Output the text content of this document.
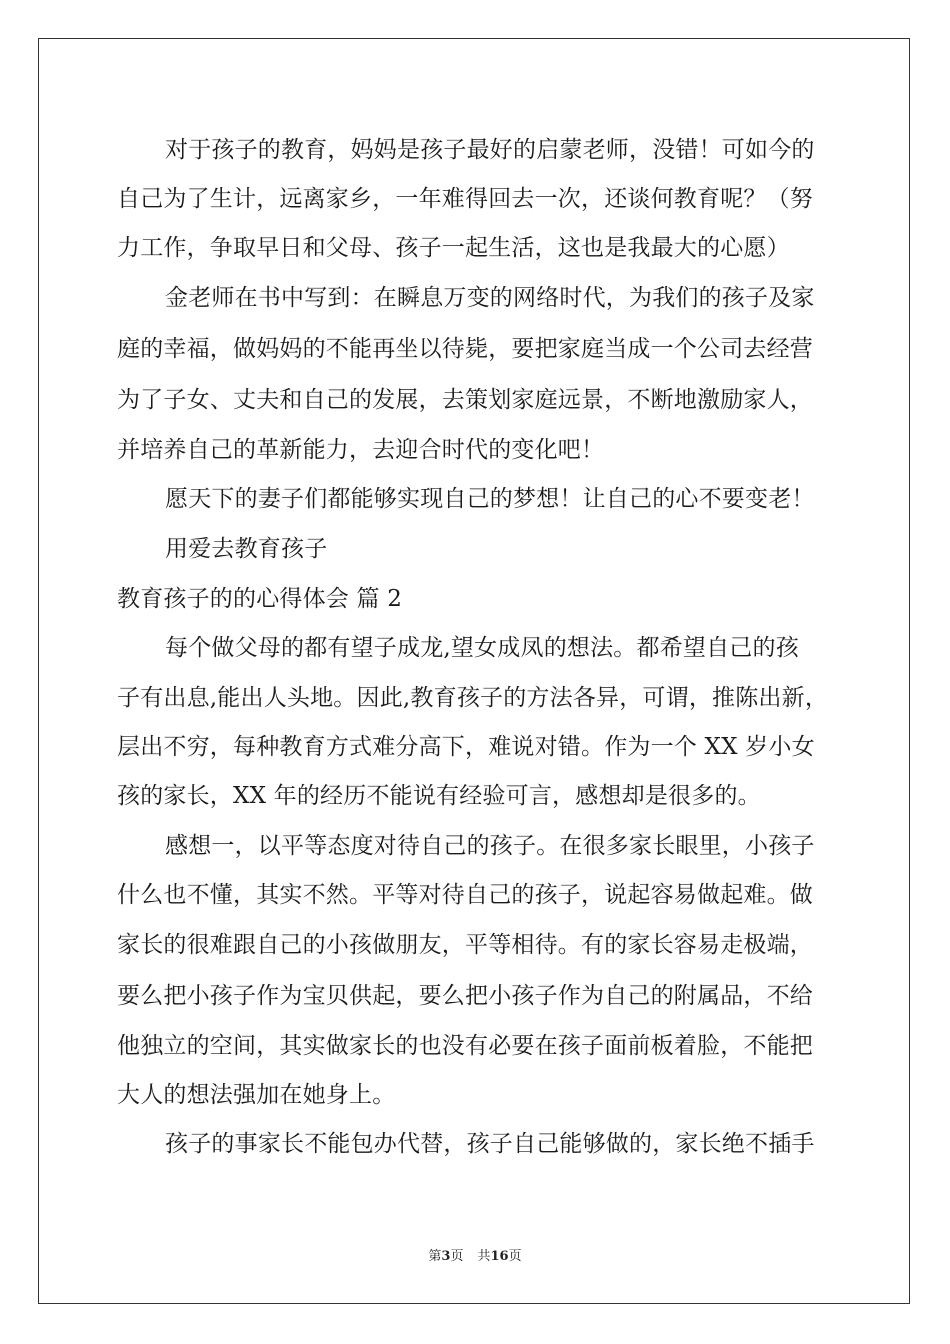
对于孩子的教育，妈妈是孩子最好的启蒙老师，没错！可如今的
自己为了生计，远离家乡，一年难得回去一次，还谈何教育呢？（努
力工作，争取早日和父母、孩子一起生活，这也是我最大的心愿）
金老师在书中写到：在瞬息万变的网络时代，为我们的孩子及家
庭的幸福，做妈妈的不能再坐以待毙，要把家庭当成一个公司去经营
为了子女、丈夫和自己的发展，去策划家庭远景，不断地激励家人，
并培养自己的革新能力，去迎合时代的变化吧！
愿天下的妻子们都能够实现自己的梦想！让自己的心不要变老！
用爱去教育孩子
教育孩子的的心得体会 篇 2
每个做父母的都有望子成龙,望女成凤的想法。都希望自己的孩
子有出息,能出人头地。因此,教育孩子的方法各异，可谓，推陈出新，
层出不穷，每种教育方式难分高下，难说对错。作为一个 XX 岁小女
孩的家长，XX 年的经历不能说有经验可言，感想却是很多的。
感想一，以平等态度对待自己的孩子。在很多家长眼里，小孩子
什么也不懂，其实不然。平等对待自己的孩子，说起容易做起难。做
家长的很难跟自己的小孩做朋友，平等相待。有的家长容易走极端，
要么把小孩子作为宝贝供起，要么把小孩子作为自己的附属品，不给
他独立的空间，其实做家长的也没有必要在孩子面前板着脸，不能把
大人的想法强加在她身上。
孩子的事家长不能包办代替，孩子自己能够做的，家长绝不插手
第3页 共16页
